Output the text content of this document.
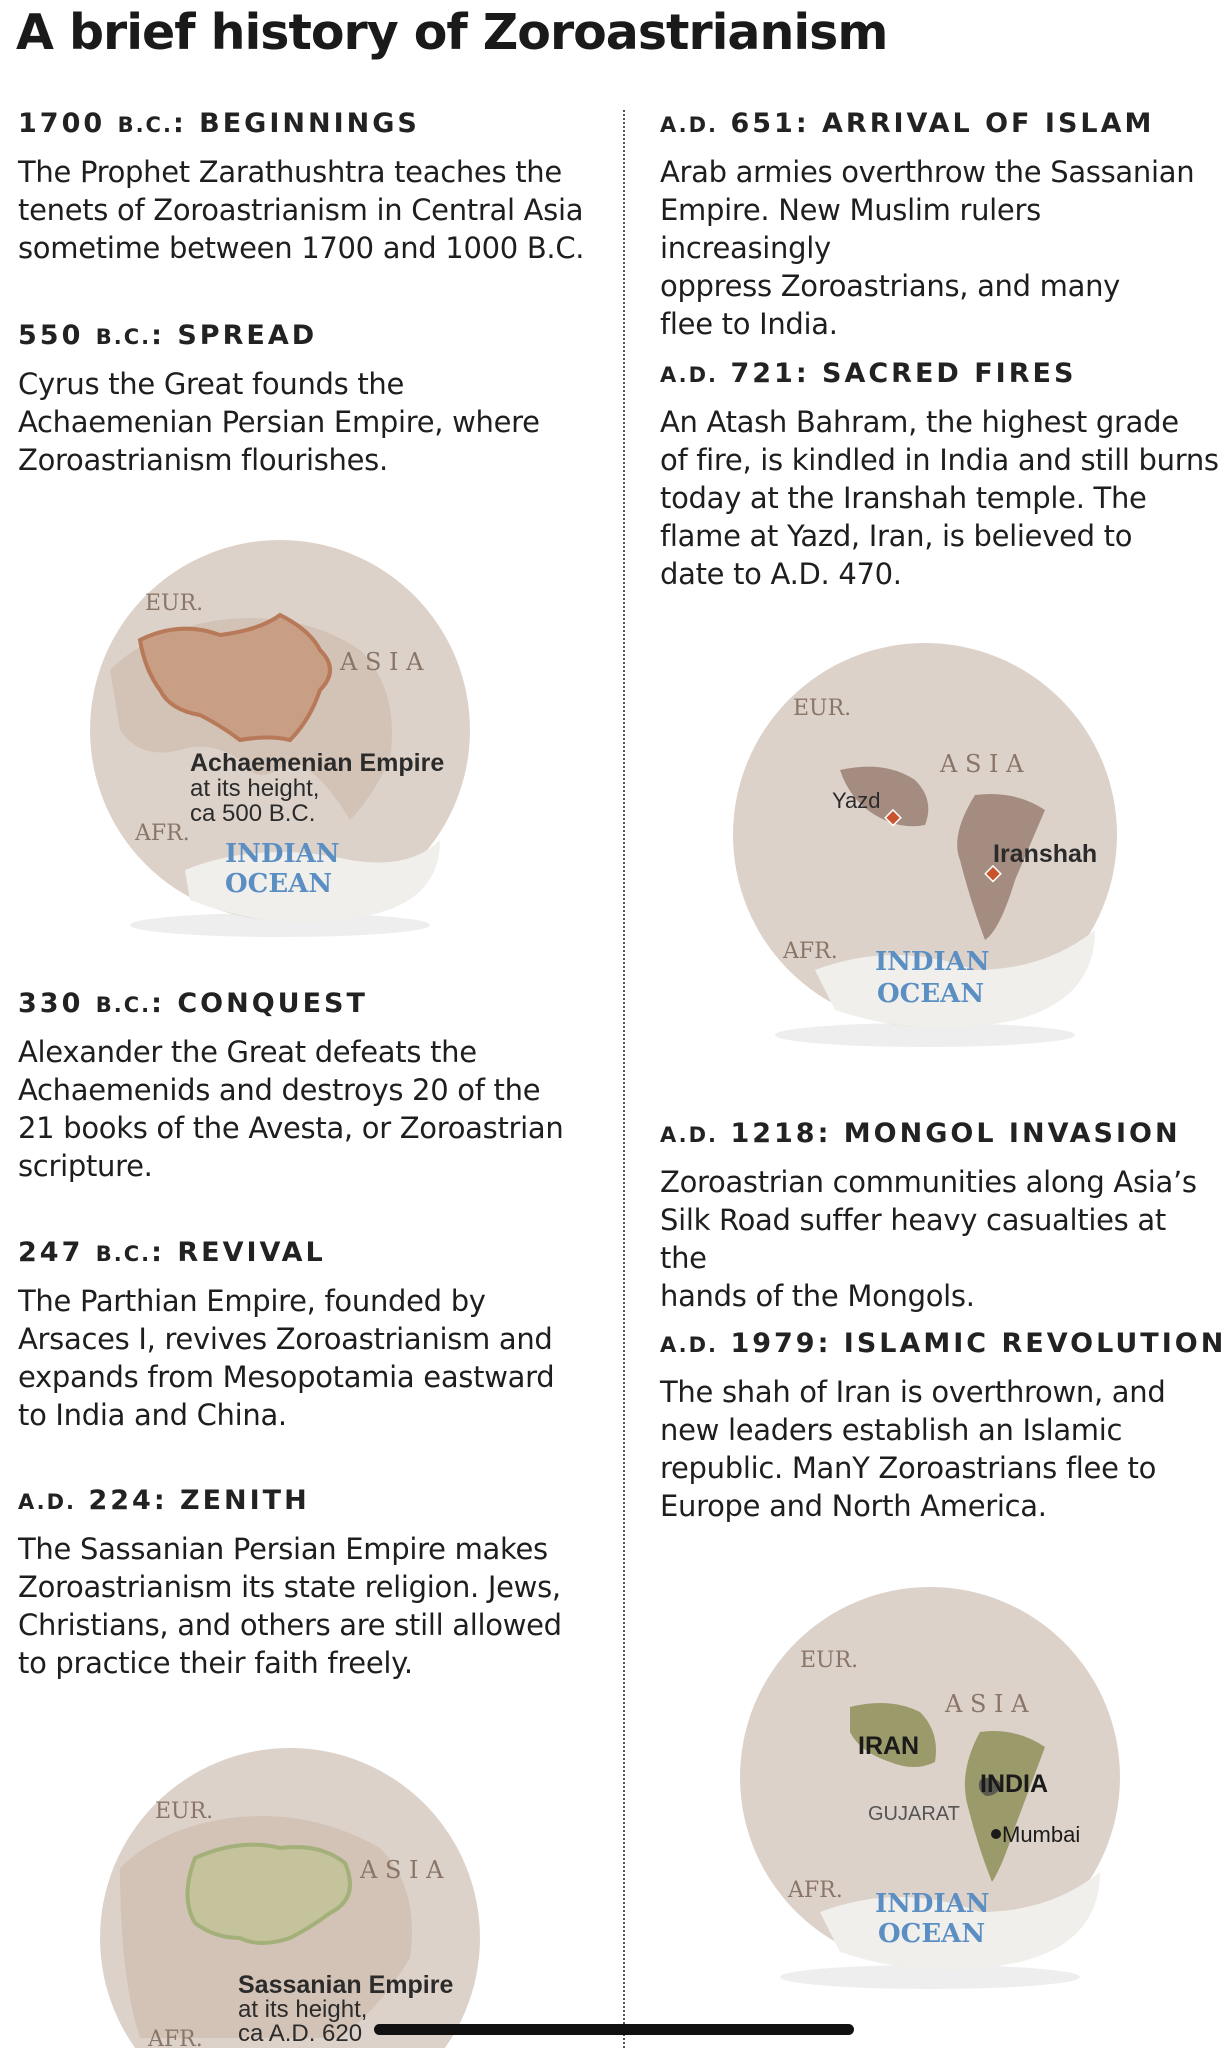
A brief history of Zoroastrianism
1700 B.C.: BEGINNINGS

The Prophet Zarathushtra teaches the
tenets of Zoroastrianism in Central Asia
sometime between 1700 and 1000 B.C.

550 B.C.: SPREAD

Cyrus the Great founds the
Achaemenian Persian Empire, where
Zoroastrianism flourishes.

330 B.C.: CONQUEST

Alexander the Great defeats the
Achaemenids and destroys 20 of the
21 books of the Avesta, or Zoroastrian
scripture.

247 B.C.: REVIVAL

The Parthian Empire, founded by
Arsaces I, revives Zoroastrianism and
expands from Mesopotamia eastward
to India and China.

A.D. 224: ZENITH

The Sassanian Persian Empire makes
Zoroastrianism its state religion. Jews,
Christians, and others are still allowed
to practice their faith freely.

A.D. 651: ARRIVAL OF ISLAM

Arab armies overthrow the Sassanian
Empire. New Muslim rulers increasingly
oppress Zoroastrians, and many
flee to India.

A.D. 721: SACRED FIRES

An Atash Bahram, the highest grade
of fire, is kindled in India and still burns
today at the Iranshah temple. The
flame at Yazd, Iran, is believed to
date to A.D. 470.

A.D. 1218: MONGOL INVASION

Zoroastrian communities along Asia’s
Silk Road suffer heavy casualties at the
hands of the Mongols.

A.D. 1979: ISLAMIC REVOLUTION

The shah of Iran is overthrown, and
new leaders establish an Islamic
republic. ManY Zoroastrians flee to
Europe and North America.

EUR.
A S I A
AFR.
INDIAN
OCEAN
Achaemenian Empire
at its height,
ca 500 B.C.
EUR.
A S I A
AFR. INDIAN
OCEAN
Yazd
Iranshah
EUR.
A S I A
AFR.
Sassanian Empire
at its height,
ca A.D. 620
EUR.
A S I A
AFR. INDIAN
OCEAN
IRAN
INDIA
GUJARAT
Mumbai
